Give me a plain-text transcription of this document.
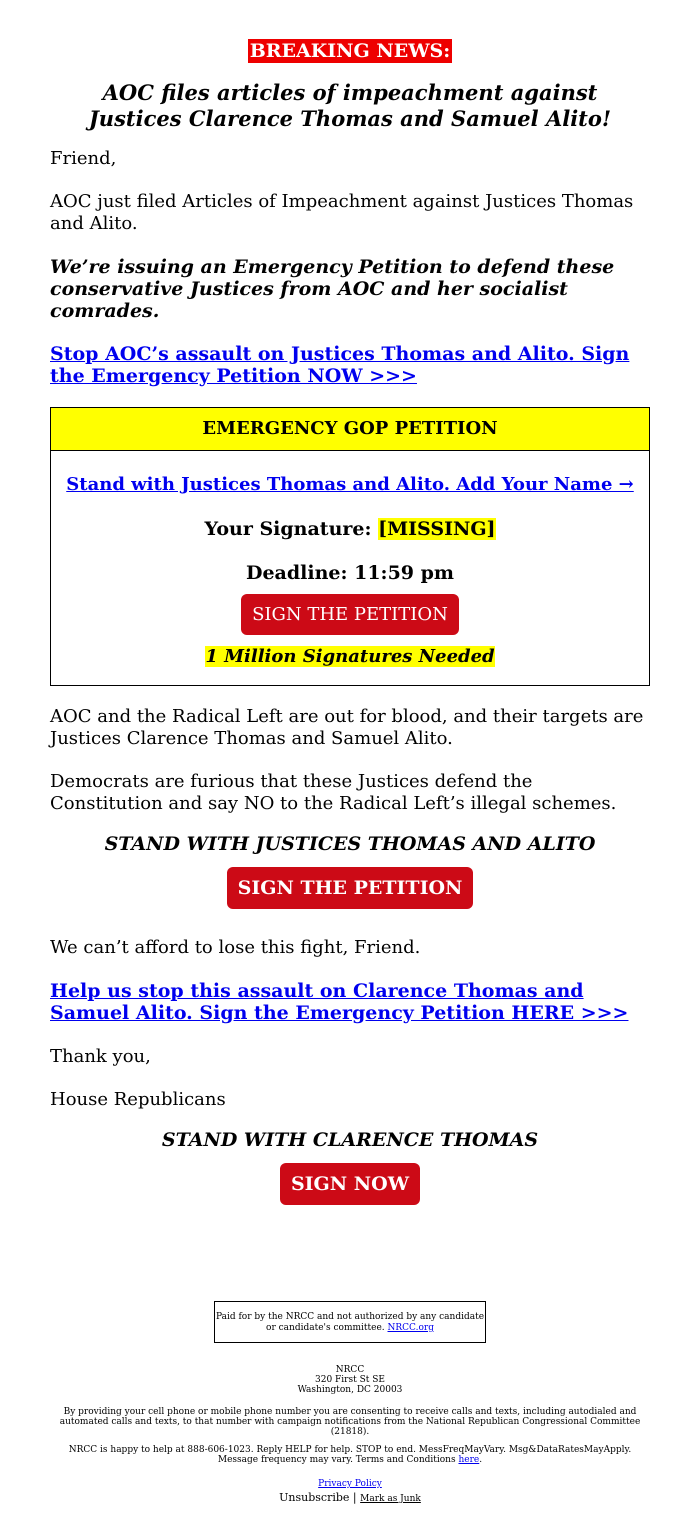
BREAKING NEWS:
AOC files articles of impeachment against
Justices Clarence Thomas and Samuel Alito!

Friend,

AOC just filed Articles of Impeachment against Justices Thomas and Alito.

We’re issuing an Emergency Petition to defend these conservative Justices from AOC and her socialist comrades.

Stop AOC’s assault on Justices Thomas and Alito. Sign the Emergency Petition NOW >>>
EMERGENCY GOP PETITION
Stand with Justices Thomas and Alito. Add Your Name →
Your Signature: [MISSING]
Deadline: 11:59 pm
SIGN THE PETITION
1 Million Signatures Needed

AOC and the Radical Left are out for blood, and their targets are Justices Clarence Thomas and Samuel Alito.

Democrats are furious that these Justices defend the Constitution and say NO to the Radical Left’s illegal schemes.

STAND WITH JUSTICES THOMAS AND ALITO
SIGN THE PETITION

We can’t afford to lose this fight, Friend.

Help us stop this assault on Clarence Thomas and Samuel Alito. Sign the Emergency Petition HERE >>>

Thank you,

House Republicans

STAND WITH CLARENCE THOMAS
SIGN NOW
Paid for by the NRCC and not authorized by any candidate or candidate's committee. NRCC.org
NRCC
320 First St SE
Washington, DC 20003
By providing your cell phone or mobile phone number you are consenting to receive calls and texts, including autodialed and automated calls and texts, to that number with campaign notifications from the National Republican Congressional Committee (21818).
NRCC is happy to help at 888-606-1023. Reply HELP for help. STOP to end. MessFreqMayVary. Msg&DataRatesMayApply. Message frequency may vary. Terms and Conditions here.
Privacy Policy
Unsubscribe | Mark as Junk
